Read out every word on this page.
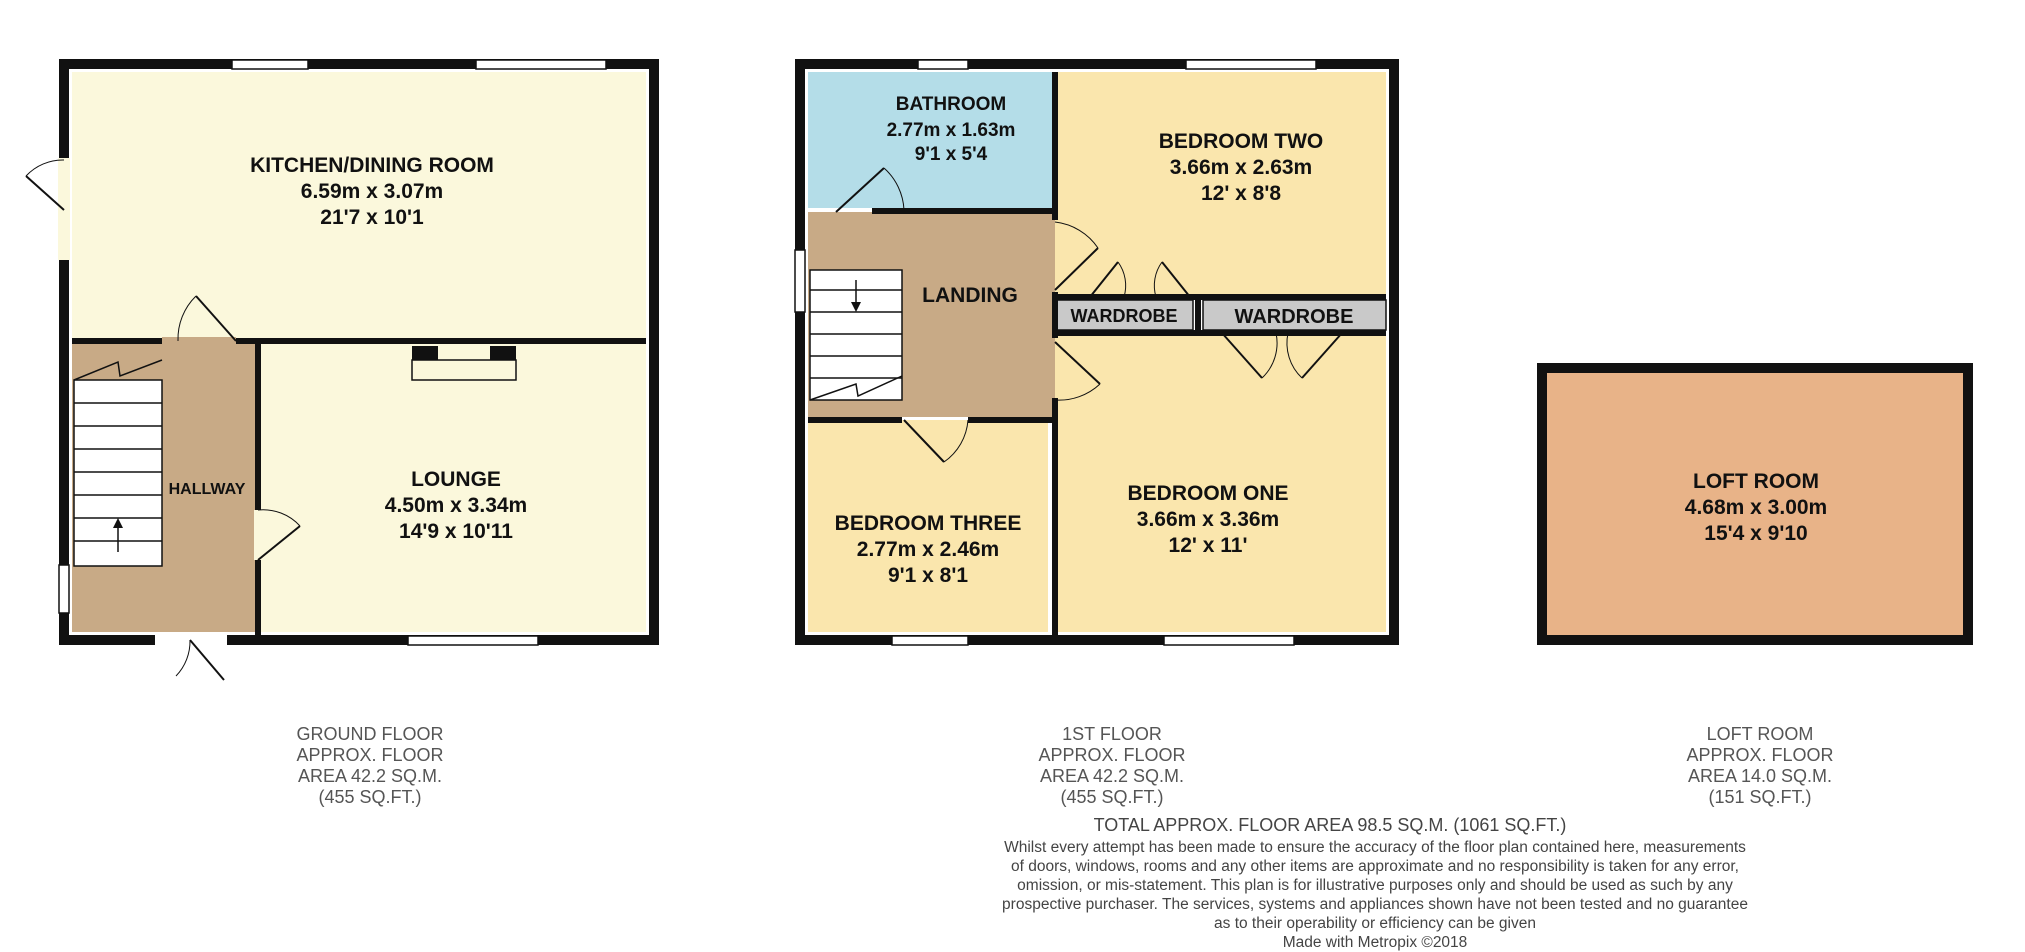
KITCHEN/DINING ROOM
6.59m x 3.07m
21'7 x 10'1
LOUNGE
4.50m x 3.34m
14'9 x 10'11
HALLWAY
BATHROOM
2.77m x 1.63m
9'1 x 5'4
BEDROOM TWO
3.66m x 2.63m
12' x 8'8
LANDING
WARDROBE	WARDROBE
BEDROOM THREE
2.77m x 2.46m
9'1 x 8'1
BEDROOM ONE
3.66m x 3.36m
12' x 11'
LOFT ROOM
4.68m x 3.00m
15'4 x 9'10
GROUND FLOOR
APPROX. FLOOR
AREA 42.2 SQ.M.
(455 SQ.FT.)
1ST FLOOR
APPROX. FLOOR
AREA 42.2 SQ.M.
(455 SQ.FT.)
LOFT ROOM
APPROX. FLOOR
AREA 14.0 SQ.M.
(151 SQ.FT.)
TOTAL APPROX. FLOOR AREA 98.5 SQ.M. (1061 SQ.FT.)
Whilst every attempt has been made to ensure the accuracy of the floor plan contained here, measurements
of doors, windows, rooms and any other items are approximate and no responsibility is taken for any error,
omission, or mis-statement. This plan is for illustrative purposes only and should be used as such by any
prospective purchaser. The services, systems and appliances shown have not been tested and no guarantee
as to their operability or efficiency can be given
Made with Metropix ©2018
